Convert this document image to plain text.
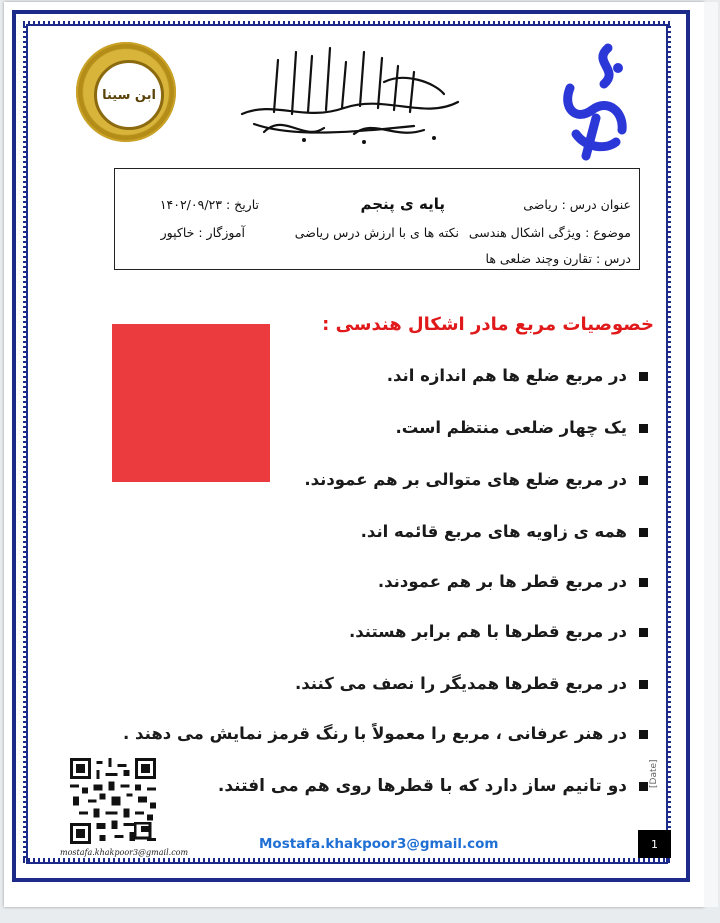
ابن سینا
عنوان درس : ریاضی
پایه ی پنجم
تاریخ : ۱۴۰۲/۰۹/۲۳
موضوع : ویژگی اشکال هندسی
نکته ها ی با ارزش درس ریاضی
آموزگار : خاکپور
درس : تقارن وچند ضلعی ها
خصوصیات مربع مادر اشکال هندسی :
در مربع ضلع ها هم اندازه اند.
یک چهار ضلعی منتظم است.
در مربع ضلع های متوالی بر هم عمودند.
همه ی زاویه های مربع قائمه اند.
در مربع قطر ها بر هم عمودند.
در مربع قطرها با هم برابر هستند.
در مربع قطرها همدیگر را نصف می کنند.
در هنر عرفانی ، مربع را معمولاً با رنگ قرمز نمایش می دهند .
دو تانیم ساز دارد که با قطرها روی هم می افتند.
mostafa.khakpoor3@gmail.com
Mostafa.khakpoor3@gmail.com
[Date]
1
